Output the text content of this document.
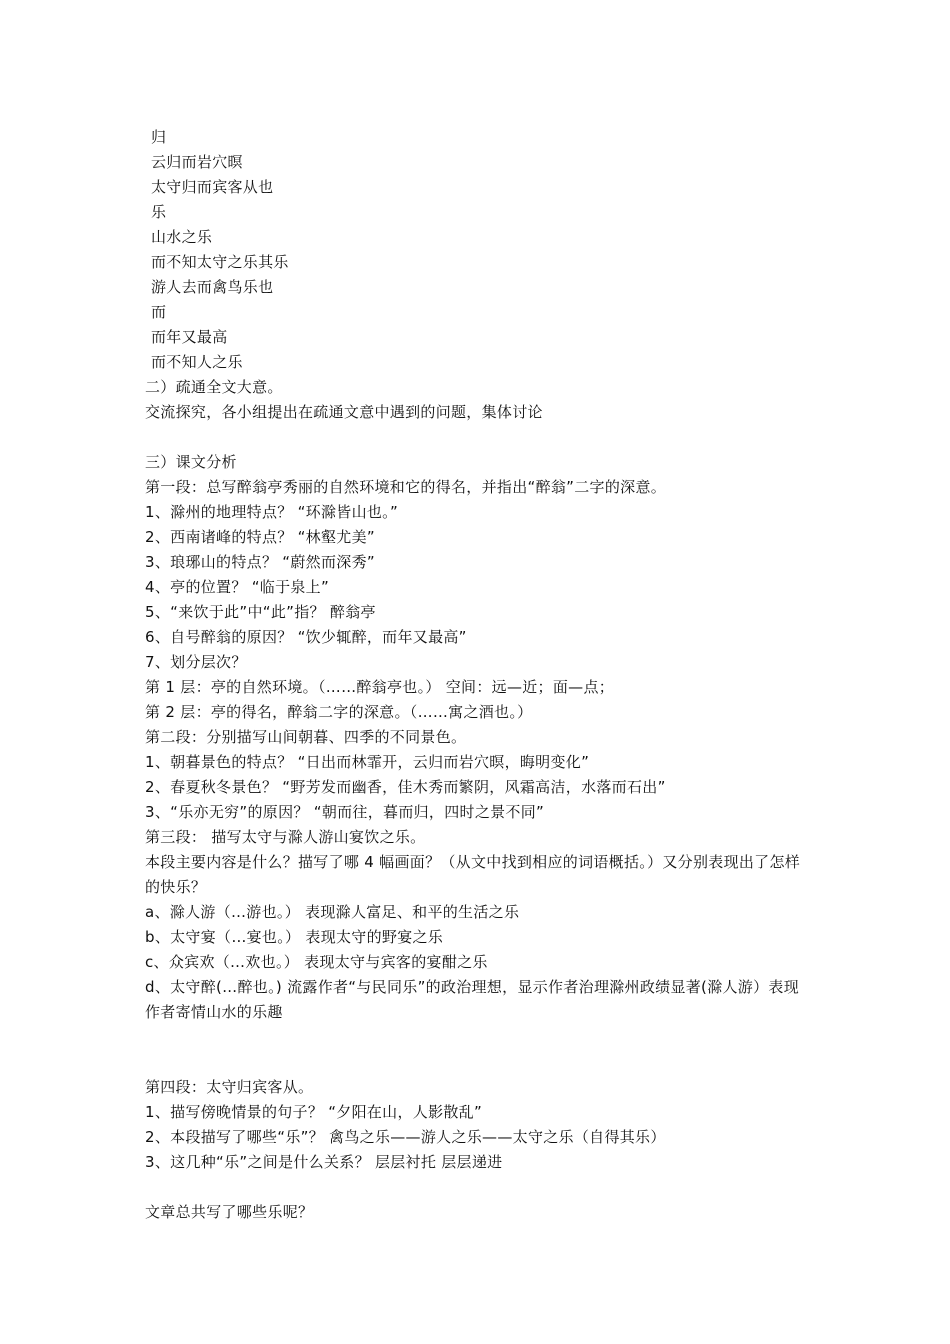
归
云归而岩穴暝
太守归而宾客从也
乐
山水之乐
而不知太守之乐其乐
游人去而禽鸟乐也
而
而年又最高
而不知人之乐
二）疏通全文大意。
交流探究，各小组提出在疏通文意中遇到的问题，集体讨论
三）课文分析
第一段：总写醉翁亭秀丽的自然环境和它的得名，并指出“醉翁”二字的深意。
1、滁州的地理特点？ “环滁皆山也。”
2、西南诸峰的特点？ “林壑尤美”
3、琅琊山的特点？ “蔚然而深秀”
4、亭的位置？ “临于泉上”
5、“来饮于此”中“此”指？ 醉翁亭
6、自号醉翁的原因？ “饮少辄醉，而年又最高”
7、划分层次？
第 1 层：亭的自然环境。（……醉翁亭也。） 空间：远—近；面—点；
第 2 层：亭的得名，醉翁二字的深意。（……寓之酒也。）
第二段：分别描写山间朝暮、四季的不同景色。
1、朝暮景色的特点？ “日出而林霏开，云归而岩穴暝，晦明变化”
2、春夏秋冬景色？ “野芳发而幽香，佳木秀而繁阴，风霜高洁，水落而石出”
3、“乐亦无穷”的原因？ “朝而往，暮而归，四时之景不同”
第三段： 描写太守与滁人游山宴饮之乐。
本段主要内容是什么？描写了哪 4 幅画面？（从文中找到相应的词语概括。）又分别表现出了怎样的快乐？
a、滁人游（…游也。） 表现滁人富足、和平的生活之乐
b、太守宴（…宴也。） 表现太守的野宴之乐
c、众宾欢（…欢也。） 表现太守与宾客的宴酣之乐
d、太守醉(…醉也。) 流露作者“与民同乐”的政治理想，显示作者治理滁州政绩显著(滁人游）表现作者寄情山水的乐趣
第四段：太守归宾客从。
1、描写傍晚情景的句子？ “夕阳在山，人影散乱”
2、本段描写了哪些“乐”？ 禽鸟之乐——游人之乐——太守之乐（自得其乐）
3、这几种“乐”之间是什么关系？ 层层衬托 层层递进
文章总共写了哪些乐呢？
